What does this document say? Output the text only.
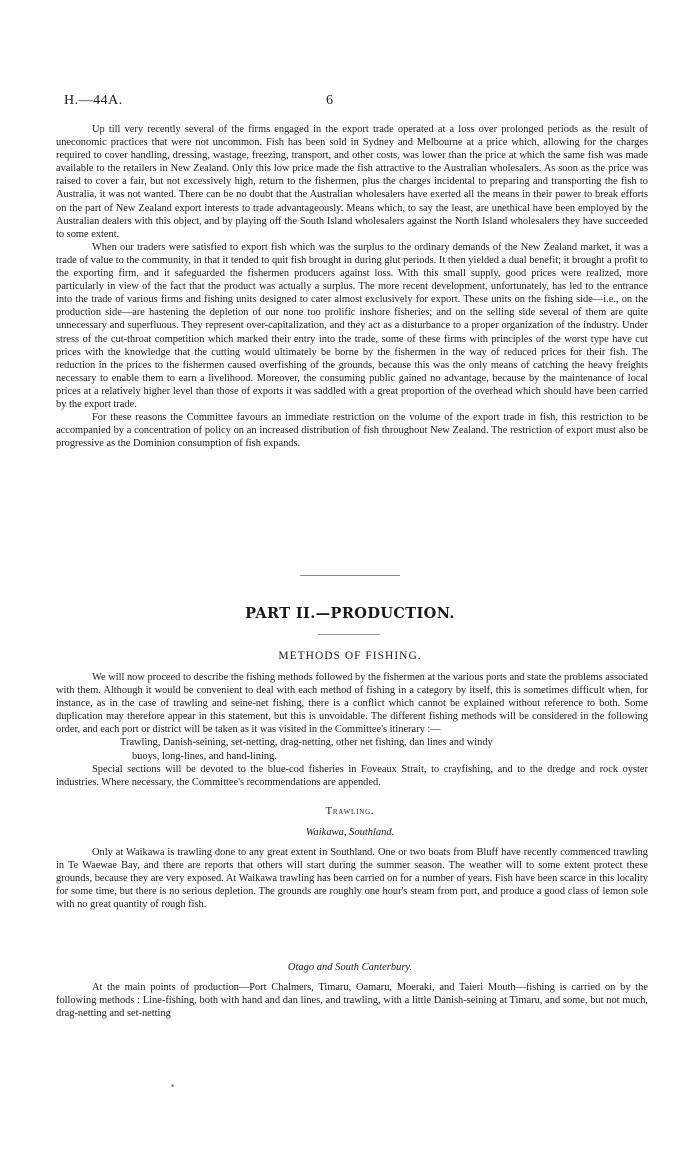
H.—44A.	6

Up till very recently several of the firms engaged in the export trade operated at a loss over prolonged periods as the result of uneconomic practices that were not uncommon. Fish has been sold in Sydney and Melbourne at a price which, allowing for the charges required to cover handling, dressing, wastage, freezing, transport, and other costs, was lower than the price at which the same fish was made available to the retailers in New Zealand. Only this low price made the fish attractive to the Australian wholesalers. As soon as the price was raised to cover a fair, but not excessively high, return to the fishermen, plus the charges incidental to preparing and transporting the fish to Australia, it was not wanted. There can be no doubt that the Australian wholesalers have exerted all the means in their power to break efforts on the part of New Zealand export interests to trade advantageously. Means which, to say the least, are unethical have been employed by the Australian dealers with this object, and by playing off the South Island wholesalers against the North Island wholesalers they have succeeded to some extent.

When our traders were satisfied to export fish which was the surplus to the ordinary demands of the New Zealand market, it was a trade of value to the community, in that it tended to quit fish brought in during glut periods. It then yielded a dual benefit; it brought a profit to the exporting firm, and it safeguarded the fishermen producers against loss. With this small supply, good prices were realized, more particularly in view of the fact that the product was actually a surplus. The more recent development, unfortunately, has led to the entrance into the trade of various firms and fishing units designed to cater almost exclusively for export. These units on the fishing side—i.e., on the production side—are hastening the depletion of our none too prolific inshore fisheries; and on the selling side several of them are quite unnecessary and superfluous. They represent over-capitalization, and they act as a disturbance to a proper organization of the industry. Under stress of the cut-throat competition which marked their entry into the trade, some of these firms with principles of the worst type have cut prices with the knowledge that the cutting would ultimately be borne by the fishermen in the way of reduced prices for their fish. The reduction in the prices to the fishermen caused overfishing of the grounds, because this was the only means of catching the heavy freights necessary to enable them to earn a livelihood. Moreover, the consuming public gained no advantage, because by the maintenance of local prices at a relatively higher level than those of exports it was saddled with a great proportion of the overhead which should have been carried by the export trade.

For these reasons the Committee favours an immediate restriction on the volume of the export trade in fish, this restriction to be accompanied by a concentration of policy on an increased distribution of fish throughout New Zealand. The restriction of export must also be progressive as the Dominion consumption of fish expands.

PART II.—PRODUCTION.
METHODS OF FISHING.

We will now proceed to describe the fishing methods followed by the fishermen at the various ports and state the problems associated with them. Although it would be convenient to deal with each method of fishing in a category by itself, this is sometimes difficult when, for instance, as in the case of trawling and seine-net fishing, there is a conflict which cannot be explained without reference to both. Some duplication may therefore appear in this statement, but this is unvoidable. The different fishing methods will be considered in the following order, and each port or district will be taken as it was visited in the Committee's itinerary :—

Trawling, Danish-seining, set-netting, drag-netting, other net fishing, dan lines and windy
buoys, long-lines, and hand-lining.

Special sections will be devoted to the blue-cod fisheries in Foveaux Strait, to crayfishing, and to the dredge and rock oyster industries. Where necessary, the Committee's recommendations are appended.

Trawling.
Waikawa, Southland.

Only at Waikawa is trawling done to any great extent in Southland. One or two boats from Bluff have recently commenced trawling in Te Waewae Bay, and there are reports that others will start during the summer season. The weather will to some extent protect these grounds, because they are very exposed. At Waikawa trawling has been carried on for a number of years. Fish have been scarce in this locality for some time, but there is no serious depletion. The grounds are roughly one hour's steam from port, and produce a good class of lemon sole with no great quantity of rough fish.

Otago and South Canterbury.

At the main points of production—Port Chalmers, Timaru, Oamaru, Moeraki, and Taieri Mouth—fishing is carried on by the following methods : Line-fishing, both with hand and dan lines, and trawling, with a little Danish-seining at Timaru, and some, but not much, drag-netting and set-netting

•
